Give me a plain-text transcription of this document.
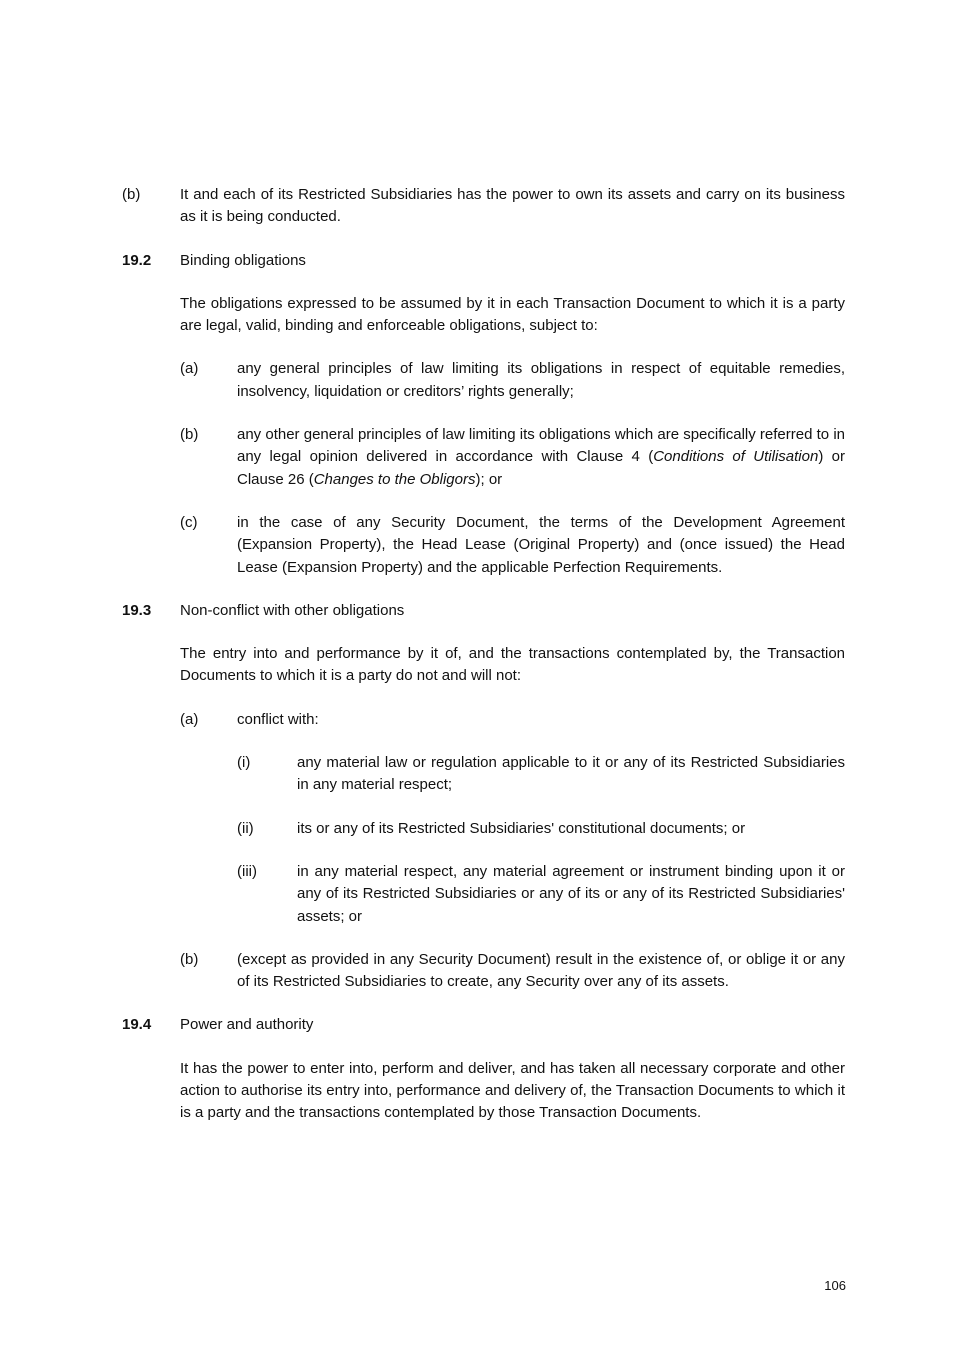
(b)	It and each of its Restricted Subsidiaries has the power to own its assets and carry on its business as it is being conducted.

19.2	Binding obligations

The obligations expressed to be assumed by it in each Transaction Document to which it is a party are legal, valid, binding and enforceable obligations, subject to:

(a)	any general principles of law limiting its obligations in respect of equitable remedies, insolvency, liquidation or creditors’ rights generally;

(b)	any other general principles of law limiting its obligations which are specifically referred to in any legal opinion delivered in accordance with Clause 4 (Conditions of Utilisation) or Clause 26 (Changes to the Obligors); or

(c)	in the case of any Security Document, the terms of the Development Agreement (Expansion Property), the Head Lease (Original Property) and (once issued) the Head Lease (Expansion Property) and the applicable Perfection Requirements.

19.3	Non-conflict with other obligations

The entry into and performance by it of, and the transactions contemplated by, the Transaction Documents to which it is a party do not and will not:

(a)	conflict with:

(i)	any material law or regulation applicable to it or any of its Restricted Subsidiaries in any material respect;

(ii)	its or any of its Restricted Subsidiaries' constitutional documents; or

(iii)	in any material respect, any material agreement or instrument binding upon it or any of its Restricted Subsidiaries or any of its or any of its Restricted Subsidiaries' assets; or

(b)	(except as provided in any Security Document) result in the existence of, or oblige it or any of its Restricted Subsidiaries to create, any Security over any of its assets.

19.4	Power and authority

It has the power to enter into, perform and deliver, and has taken all necessary corporate and other action to authorise its entry into, performance and delivery of, the Transaction Documents to which it is a party and the transactions contemplated by those Transaction Documents.

106
